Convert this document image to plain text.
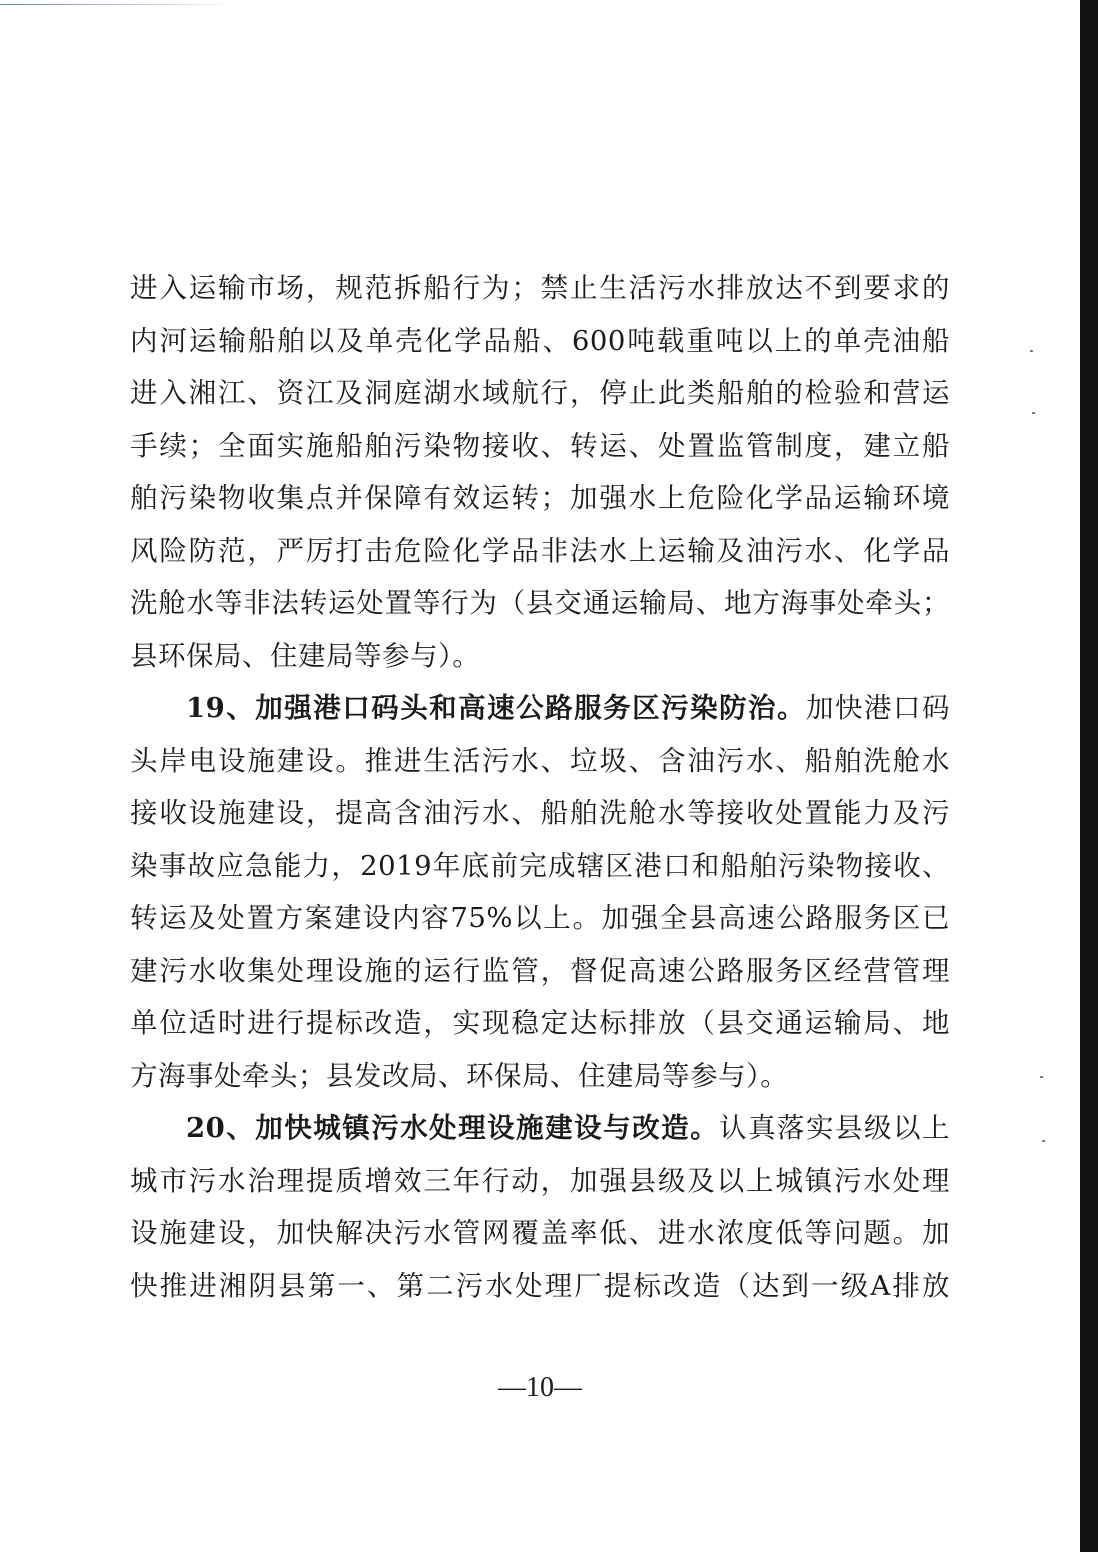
进入运输市场，规范拆船行为；禁止生活污水排放达不到要求的
内河运输船舶以及单壳化学品船、600吨载重吨以上的单壳油船
进入湘江、资江及洞庭湖水域航行，停止此类船舶的检验和营运
手续；全面实施船舶污染物接收、转运、处置监管制度，建立船
舶污染物收集点并保障有效运转；加强水上危险化学品运输环境
风险防范，严厉打击危险化学品非法水上运输及油污水、化学品
洗舱水等非法转运处置等行为（县交通运输局、地方海事处牵头；
县环保局、住建局等参与）。
19、加强港口码头和高速公路服务区污染防治。加快港口码
头岸电设施建设。推进生活污水、垃圾、含油污水、船舶洗舱水
接收设施建设，提高含油污水、船舶洗舱水等接收处置能力及污
染事故应急能力，2019年底前完成辖区港口和船舶污染物接收、
转运及处置方案建设内容75%以上。加强全县高速公路服务区已
建污水收集处理设施的运行监管，督促高速公路服务区经营管理
单位适时进行提标改造，实现稳定达标排放（县交通运输局、地
方海事处牵头；县发改局、环保局、住建局等参与）。
20、加快城镇污水处理设施建设与改造。认真落实县级以上
城市污水治理提质增效三年行动，加强县级及以上城镇污水处理
设施建设，加快解决污水管网覆盖率低、进水浓度低等问题。加
快推进湘阴县第一、第二污水处理厂提标改造（达到一级A排放
—10—
